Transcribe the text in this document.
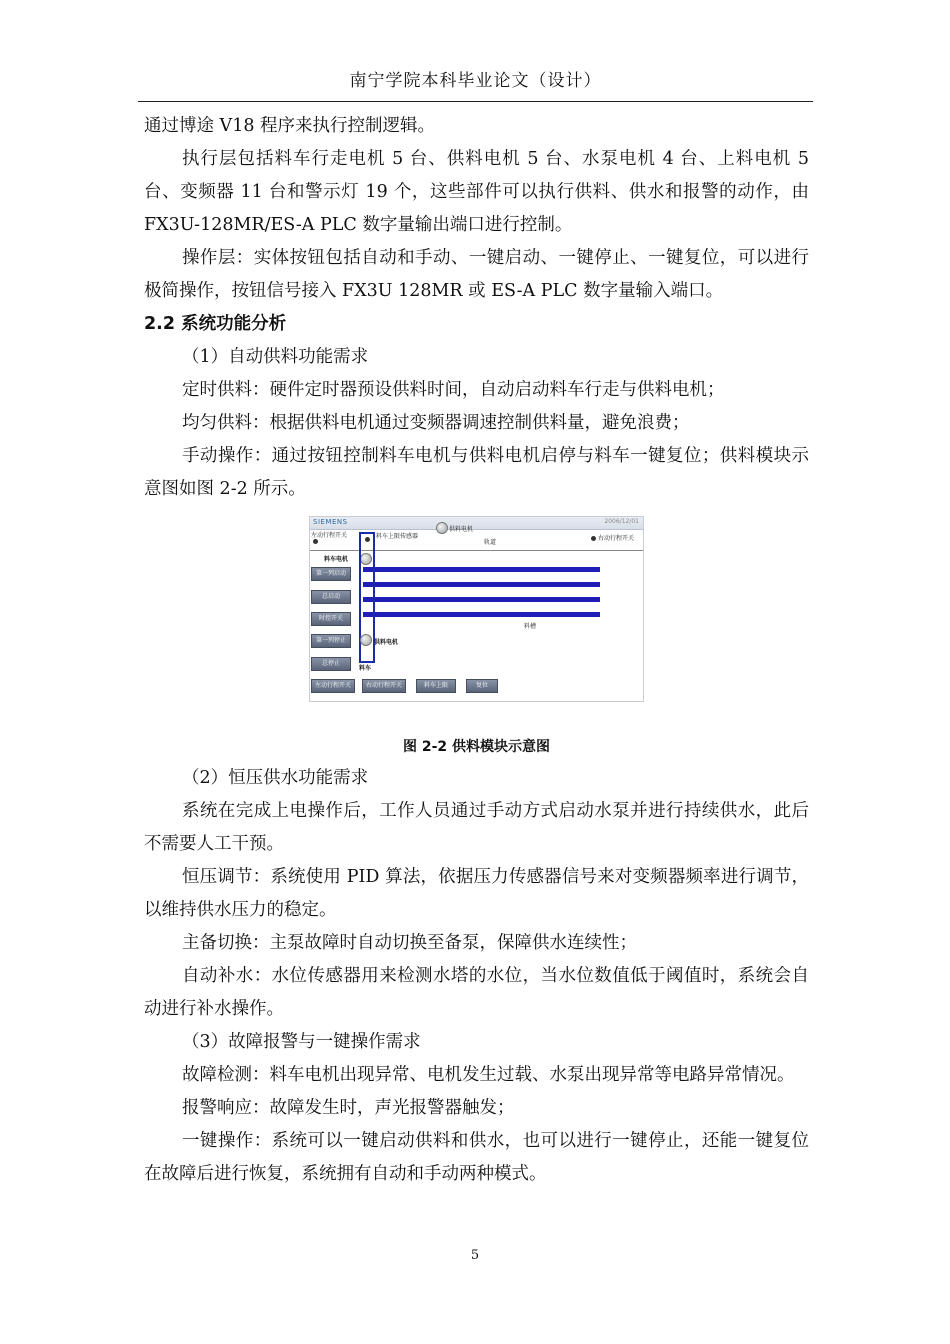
南宁学院本科毕业论文（设计）

通过博途 V18 程序来执行控制逻辑。

执行层包括料车行走电机 5 台、供料电机 5 台、水泵电机 4 台、上料电机 5 台、变频器 11 台和警示灯 19 个，这些部件可以执行供料、供水和报警的动作，由 FX3U-128MR/ES-A PLC 数字量输出端口进行控制。

操作层：实体按钮包括自动和手动、一键启动、一键停止、一键复位，可以进行极简操作，按钮信号接入 FX3U 128MR 或 ES-A PLC 数字量输入端口。

2.2 系统功能分析

（1）自动供料功能需求

定时供料：硬件定时器预设供料时间，自动启动料车行走与供料电机；

均匀供料：根据供料电机通过变频器调速控制供料量，避免浪费；

手动操作：通过按钮控制料车电机与供料电机启停与料车一键复位；供料模块示意图如图 2-2 所示。

SIEMENS	2006/12/01
左动行程开关	料车上限传感器
供料电机
轨道
右动行程开关
料车电机
料槽
供料电机
料车
第一列启动
总启动
时控开关
第一列停止
总停止
左动行程开关	右动行程开关	料车上限	复位
图 2-2 供料模块示意图

（2）恒压供水功能需求

系统在完成上电操作后，工作人员通过手动方式启动水泵并进行持续供水，此后不需要人工干预。

恒压调节：系统使用 PID 算法，依据压力传感器信号来对变频器频率进行调节，以维持供水压力的稳定。

主备切换：主泵故障时自动切换至备泵，保障供水连续性；

自动补水：水位传感器用来检测水塔的水位，当水位数值低于阈值时，系统会自动进行补水操作。

（3）故障报警与一键操作需求

故障检测：料车电机出现异常、电机发生过载、水泵出现异常等电路异常情况。

报警响应：故障发生时，声光报警器触发；

一键操作：系统可以一键启动供料和供水，也可以进行一键停止，还能一键复位在故障后进行恢复，系统拥有自动和手动两种模式。

5
